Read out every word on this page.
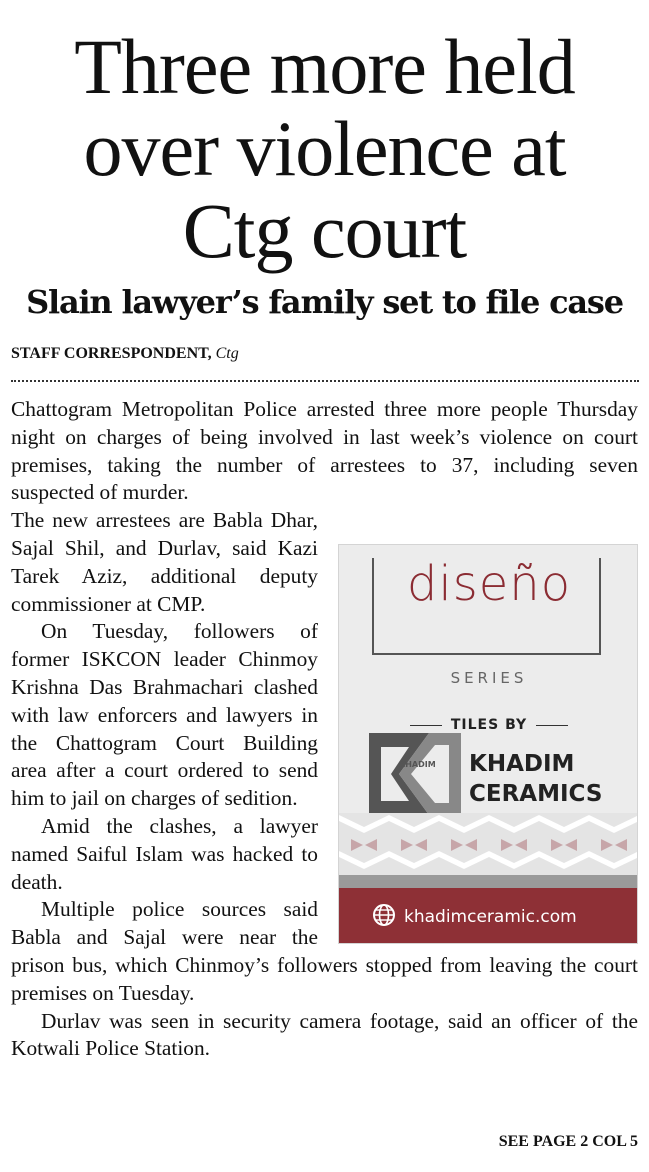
Three more held
over violence at
Ctg court
Slain lawyer’s family set to file case
STAFF CORRESPONDENT, Ctg

Chattogram Metropolitan Police arrested three more people Thursday night on charges of being involved in last week’s violence on court premises, taking the number of arrestees to 37, including seven suspected of murder.

diseño
SERIES
TILES BY
KHADIM KHADIM
CERAMICS
khadimceramic.com

The new arrestees are Babla Dhar, Sajal Shil, and Durlav, said Kazi Tarek Aziz, additional deputy commissioner at CMP.

On Tuesday, followers of former ISKCON leader Chinmoy Krishna Das Brahmachari clashed with law enforcers and lawyers in the Chattogram Court Building area after a court ordered to send him to jail on charges of sedition.

Amid the clashes, a lawyer named Saiful Islam was hacked to death.

Multiple police sources said Babla and Sajal were near the prison bus, which Chinmoy’s followers stopped from leaving the court premises on Tuesday.

Durlav was seen in security camera footage, said an officer of the Kotwali Police Station.

SEE PAGE 2 COL 5
